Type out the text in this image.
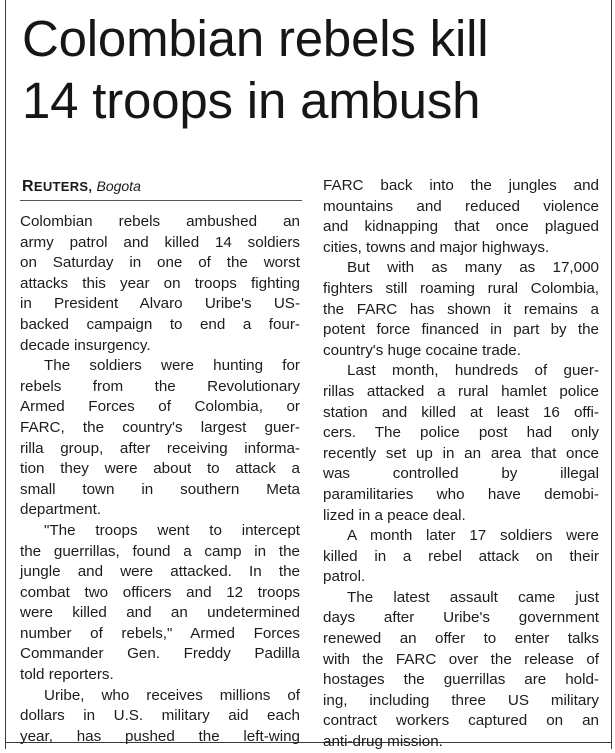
Colombian rebels kill
14 troops in ambush
REUTERS, Bogota
Colombian rebels ambushed an
army patrol and killed 14 soldiers
on Saturday in one of the worst
attacks this year on troops fighting
in President Alvaro Uribe's US-
backed campaign to end a four-
decade insurgency.
The soldiers were hunting for
rebels from the Revolutionary
Armed Forces of Colombia, or
FARC, the country's largest guer-
rilla group, after receiving informa-
tion they were about to attack a
small town in southern Meta
department.
"The troops went to intercept
the guerrillas, found a camp in the
jungle and were attacked. In the
combat two officers and 12 troops
were killed and an undetermined
number of rebels," Armed Forces
Commander Gen. Freddy Padilla
told reporters.
Uribe, who receives millions of
dollars in U.S. military aid each
year, has pushed the left-wing
FARC back into the jungles and
mountains and reduced violence
and kidnapping that once plagued
cities, towns and major highways.
But with as many as 17,000
fighters still roaming rural Colombia,
the FARC has shown it remains a
potent force financed in part by the
country's huge cocaine trade.
Last month, hundreds of guer-
rillas attacked a rural hamlet police
station and killed at least 16 offi-
cers. The police post had only
recently set up in an area that once
was controlled by illegal
paramilitaries who have demobi-
lized in a peace deal.
A month later 17 soldiers were
killed in a rebel attack on their
patrol.
The latest assault came just
days after Uribe's government
renewed an offer to enter talks
with the FARC over the release of
hostages the guerrillas are hold-
ing, including three US military
contract workers captured on an
anti-drug mission.
